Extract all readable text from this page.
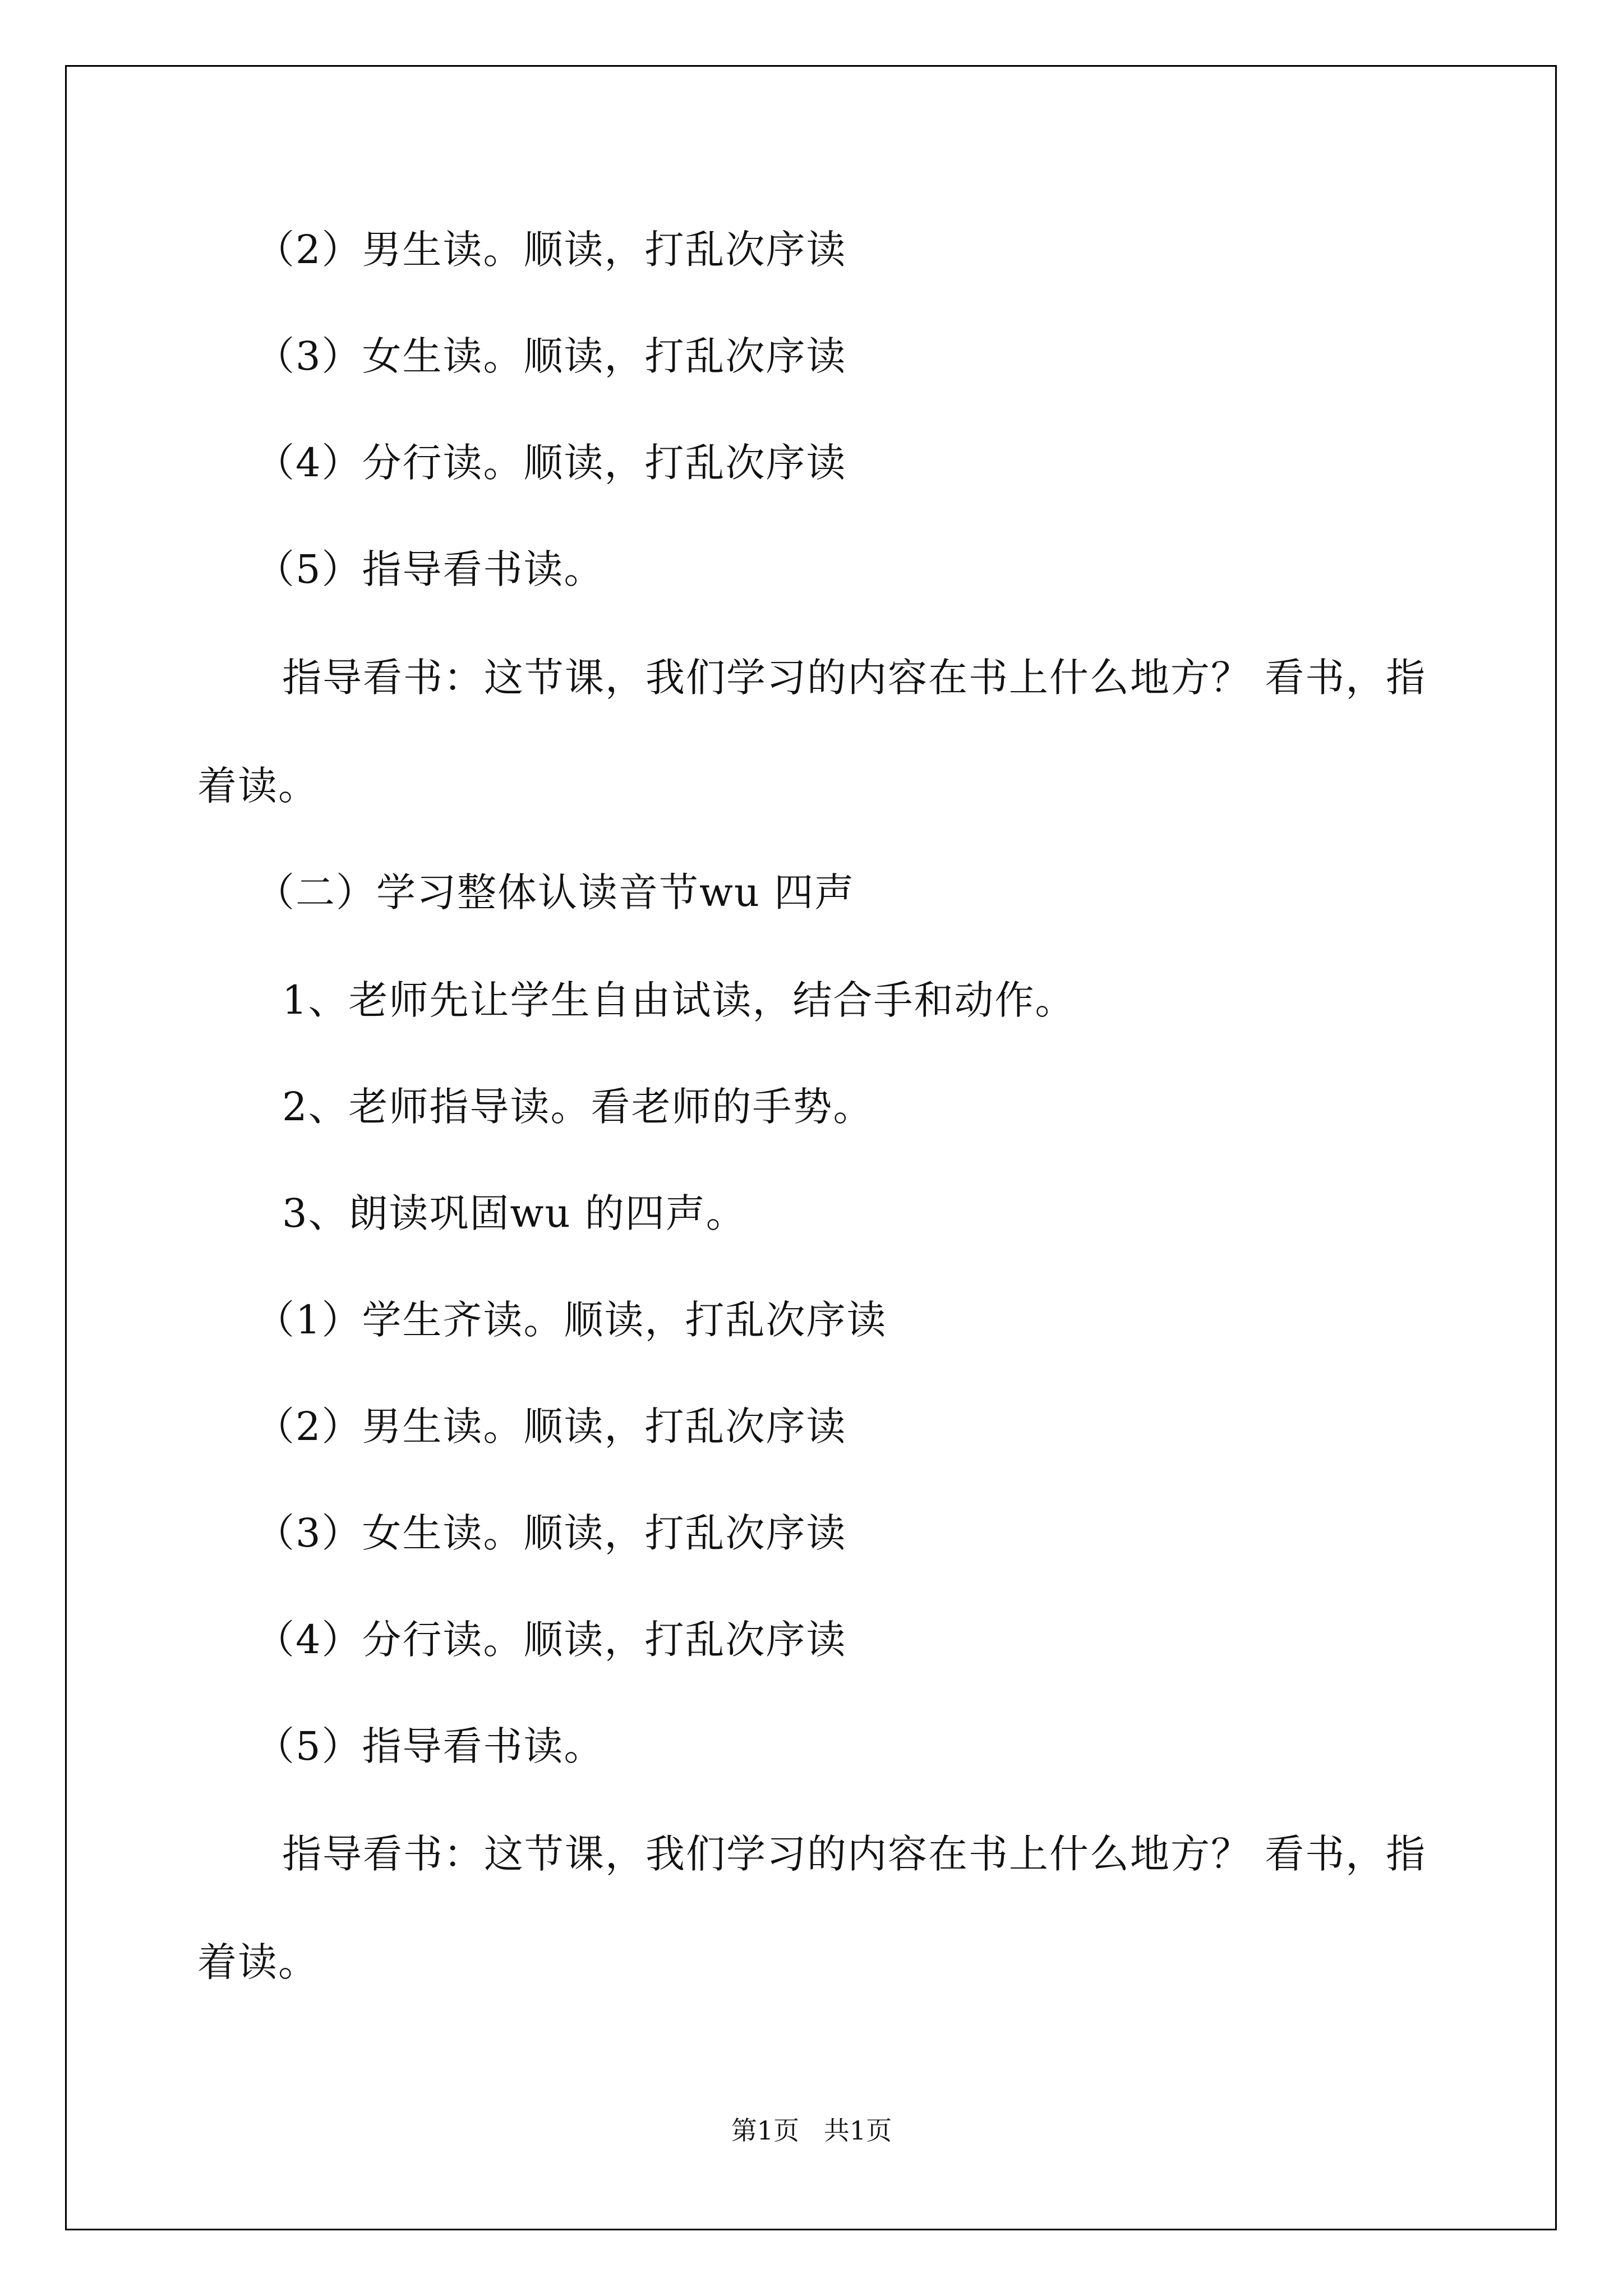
（2）男生读。顺读，打乱次序读

（3）女生读。顺读，打乱次序读

（4）分行读。顺读，打乱次序读

（5）指导看书读。

指导看书：这节课，我们学习的内容在书上什么地方？ 看书，指

着读。

（二）学习整体认读音节wu 四声

1、老师先让学生自由试读，结合手和动作。

2、老师指导读。看老师的手势。

3、朗读巩固wu 的四声。

（1）学生齐读。顺读，打乱次序读

（2）男生读。顺读，打乱次序读

（3）女生读。顺读，打乱次序读

（4）分行读。顺读，打乱次序读

（5）指导看书读。

指导看书：这节课，我们学习的内容在书上什么地方？ 看书，指

着读。

第1页   共1页
